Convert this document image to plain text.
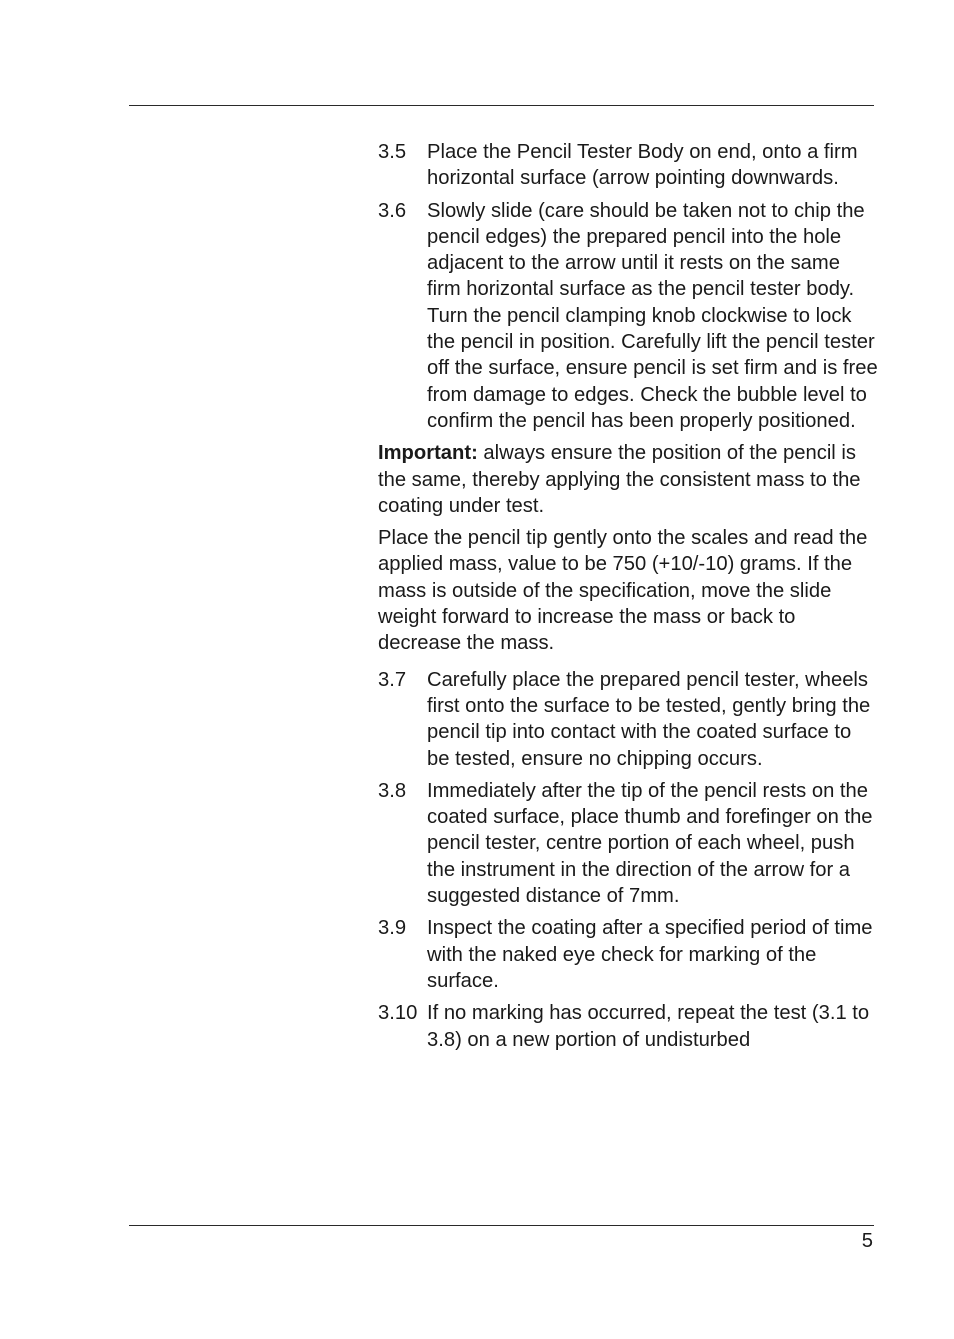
3.5	Place the Pencil Tester Body on end, onto a firm horizontal surface (arrow pointing downwards.
3.6	Slowly slide (care should be taken not to chip the pencil edges) the prepared pencil into the hole adjacent to the arrow until it rests on the same firm horizontal surface as the pencil tester body. Turn the pencil clamping knob clockwise to lock the pencil in position. Carefully lift the pencil tester off the surface, ensure pencil is set firm and is free from damage to edges. Check the bubble level to confirm the pencil has been properly positioned.
Important: always ensure the position of the pencil is the same, thereby applying the consistent mass to the coating under test.
Place the pencil tip gently onto the scales and read the applied mass, value to be 750 (+10/-10) grams. If the mass is outside of the specification, move the slide weight forward to increase the mass or back to decrease the mass.
3.7	Carefully place the prepared pencil tester, wheels first onto the surface to be tested, gently bring the pencil tip into contact with the coated surface to be tested, ensure no chipping occurs.
3.8	Immediately after the tip of the pencil rests on the coated surface, place thumb and forefinger on the pencil tester, centre portion of each wheel, push the instrument in the direction of the arrow for a suggested distance of 7mm.
3.9	Inspect the coating after a specified period of time with the naked eye check for marking of the surface.
3.10 If no marking has occurred, repeat the test (3.1 to 3.8) on a new portion of undisturbed
5
